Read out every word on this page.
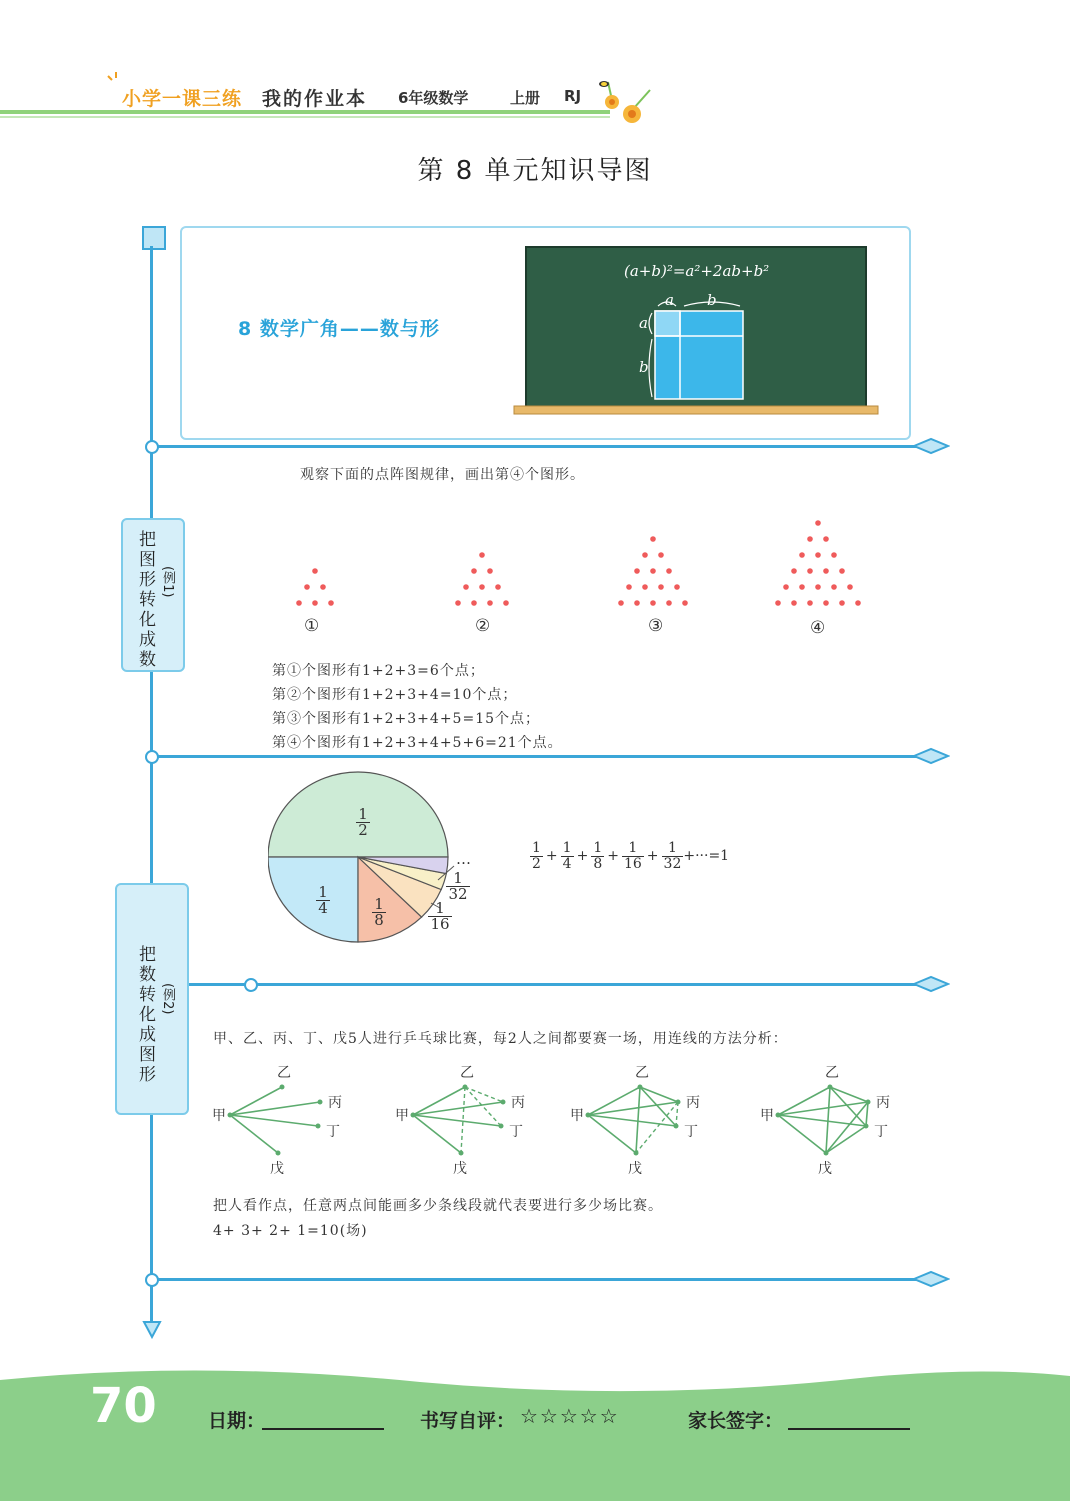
小学一课三练 我的作业本 6年级数学	上册 RJ
第 8 单元知识导图
8 数学广角——数与形
(a+b)²=a²+2ab+b²
a b
a
b
把图形转化成数 (例1)
观察下面的点阵图规律，画出第④个图形。
①	②	③	④
第①个图形有1+2+3=6个点；
第②个图形有1+2+3+4=10个点；
第③个图形有1+2+3+4+5=15个点；
第④个图形有1+2+3+4+5+6=21个点。
把数转化成图形 (例2)
$\frac{1}{2}$
$\frac{1}{4}$	$\frac{1}{8}$	$\frac{1}{16}$
$\frac{1}{32}$
…	$\frac{1}{2} + \frac{1}{4} + \frac{1}{8} + \frac{1}{16} + \frac{1}{32} +\cdot\cdot\cdot=1$
甲、乙、丙、丁、戊5人进行乒乓球比赛，每2人之间都要赛一场，用连线的方法分析：
甲
乙
丙
丁
戊
甲
乙
丙
丁
戊
甲
乙
丙
丁
戊
甲
乙
丙
丁
戊
把人看作点，任意两点间能画多少条线段就代表要进行多少场比赛。
4+ 3+ 2+ 1=10(场)
70	日期：	书写自评： ☆☆☆☆☆	家长签字：
